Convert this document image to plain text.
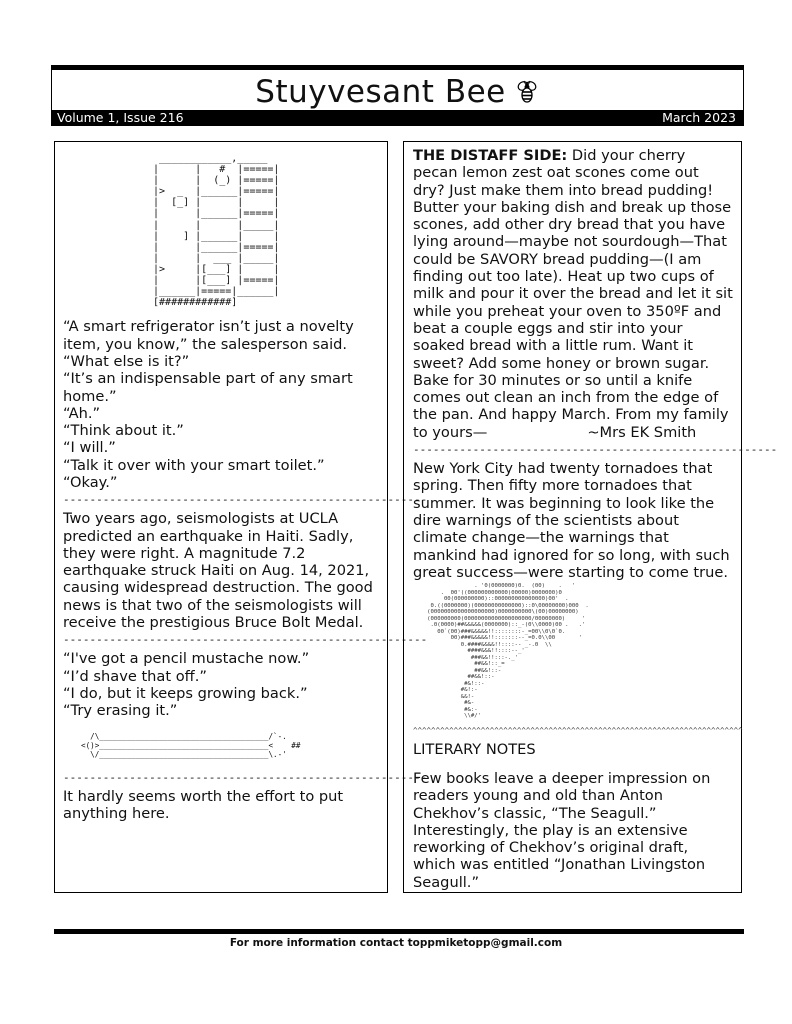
Stuyvesant Bee
Volume 1, Issue 216	March 2023
____________,_____
|      |   #  |=====|
|      |  (_) |=====|
|>  _  |______|=====|
|  [_] |      |     |
|      |______|=====|
|      |      |_____|
|    ] |______|     |
|      |______|=====|
|      |  ___ |_____|
|>     |[___] |     |
|      |[___] |=====|
|______|=====|______|
[############]
“A smart refrigerator isn’t just a novelty item, you know,” the salesperson said.
“What else is it?”
“It’s an indispensable part of any smart home.”
“Ah.”
“Think about it.”
“I will.”
“Talk it over with your smart toilet.”
“Okay.”
-------------------------------------------------------

Two years ago, seismologists at UCLA predicted an earthquake in Haiti. Sadly, they were right. A magnitude 7.2 earthquake struck Haiti on Aug. 14, 2021, causing widespread destruction. The good news is that two of the seismologists will receive the prestigious Bruce Bolt Medal.

-------------------------------------------------------
“I've got a pencil mustache now.”
“I’d shave that off.”
“I do, but it keeps growing back.”
“Try erasing it.”
/\_____________________________________/`-.
<()>_____________________________________<    ##
\/_____________________________________\.-'
-------------------------------------------------------

It hardly seems worth the effort to put anything here.

THE DISTAFF SIDE: Did your cherry pecan lemon zest oat scones come out dry? Just make them into bread pudding! Butter your baking dish and break up those scones, add other dry bread that you have lying around—maybe not sourdough—That could be SAVORY bread pudding—(I am finding out too late). Heat up two cups of milk and pour it over the bread and let it sit while you preheat your oven to 350ºF and beat a couple eggs and stir into your soaked bread with a little rum. Want it sweet? Add some honey or brown sugar. Bake for 30 minutes or so until a knife comes out clean an inch from the edge of the pan. And happy March. From my family to yours—	~Mrs EK Smith

-------------------------------------------------------

New York City had twenty tornadoes that spring. Then fifty more tornadoes that summer. It was beginning to look like the dire warnings of the scientists about climate change—the warnings that mankind had ignored for so long, with such great success—were starting to come true.

. '0(0000000)0.  (00)    .   '
.  00'((000000000000)00000)0000000)0
00(000000000)::000000000000000)00'  .
0.((0000000)(00000000000000)::0\00000000)000  .
(0000000000000000000)0000000000\(00)00000000)
(000000000(00000000000000000000/00000000)     '
.0(0000)##&&&&&(0000000)::_-(0\\0000)00 .   .'
00`(00)###&&&&&!!::::::::-_=00\\0\0`0.
00)###&&&&&!!:::::::--_=0.0\\00       '
0.####&&&&!!::::-- _-.0  \\
####&&&!!::::--_'
###&&!!:::-._'
##&&!::_=
##&&!::-
##&&!::-
#&!::-
#&!:-
&&!-
#&-
#&:-
\\#/'
^^^^^^^^^^^^^^^^^^^^^^^^^^^^^^^^^^^^^^^^^^^^^^^^^^^^^^^^^^^^^^^^^^^^^^^^^
LITERARY NOTES

Few books leave a deeper impression on readers young and old than Anton Chekhov’s classic, “The Seagull.” Interestingly, the play is an extensive reworking of Chekhov’s original draft, which was entitled “Jonathan Livingston Seagull.”

For more information contact toppmiketopp@gmail.com
